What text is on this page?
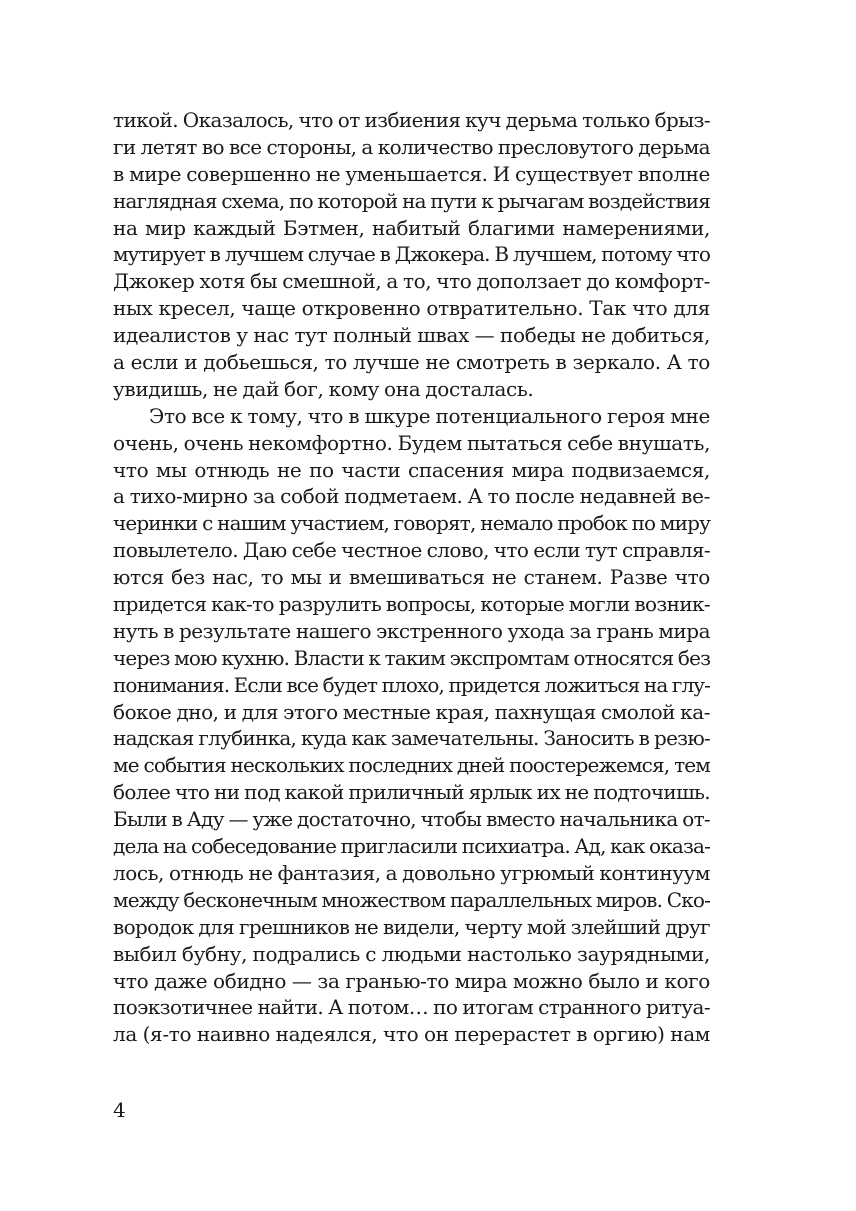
тикой. Оказалось, что от избиения куч дерьма только брыз-
ги летят во все стороны, а количество пресловутого дерьма
в мире совершенно не уменьшается. И существует вполне
наглядная схема, по которой на пути к рычагам воздействия
на мир каждый Бэтмен, набитый благими намерениями,
мутирует в лучшем случае в Джокера. В лучшем, потому что
Джокер хотя бы смешной, а то, что доползает до комфорт-
ных кресел, чаще откровенно отвратительно. Так что для
идеалистов у нас тут полный швах — победы не добиться,
а если и добьешься, то лучше не смотреть в зеркало. А то
увидишь, не дай бог, кому она досталась.
Это все к тому, что в шкуре потенциального героя мне
очень, очень некомфортно. Будем пытаться себе внушать,
что мы отнюдь не по части спасения мира подвизаемся,
а тихо-мирно за собой подметаем. А то после недавней ве-
черинки с нашим участием, говорят, немало пробок по миру
повылетело. Даю себе честное слово, что если тут справля-
ются без нас, то мы и вмешиваться не станем. Разве что
придется как-то разрулить вопросы, которые могли возник-
нуть в результате нашего экстренного ухода за грань мира
через мою кухню. Власти к таким экспромтам относятся без
понимания. Если все будет плохо, придется ложиться на глу-
бокое дно, и для этого местные края, пахнущая смолой ка-
надская глубинка, куда как замечательны. Заносить в резю-
ме события нескольких последних дней поостережемся, тем
более что ни под какой приличный ярлык их не подточишь.
Были в Аду — уже достаточно, чтобы вместо начальника от-
дела на собеседование пригласили психиатра. Ад, как оказа-
лось, отнюдь не фантазия, а довольно угрюмый континуум
между бесконечным множеством параллельных миров. Ско-
вородок для грешников не видели, черту мой злейший друг
выбил бубну, подрались с людьми настолько заурядными,
что даже обидно — за гранью-то мира можно было и кого
поэкзотичнее найти. А потом… по итогам странного ритуа-
ла (я-то наивно надеялся, что он перерастет в оргию) нам
4
